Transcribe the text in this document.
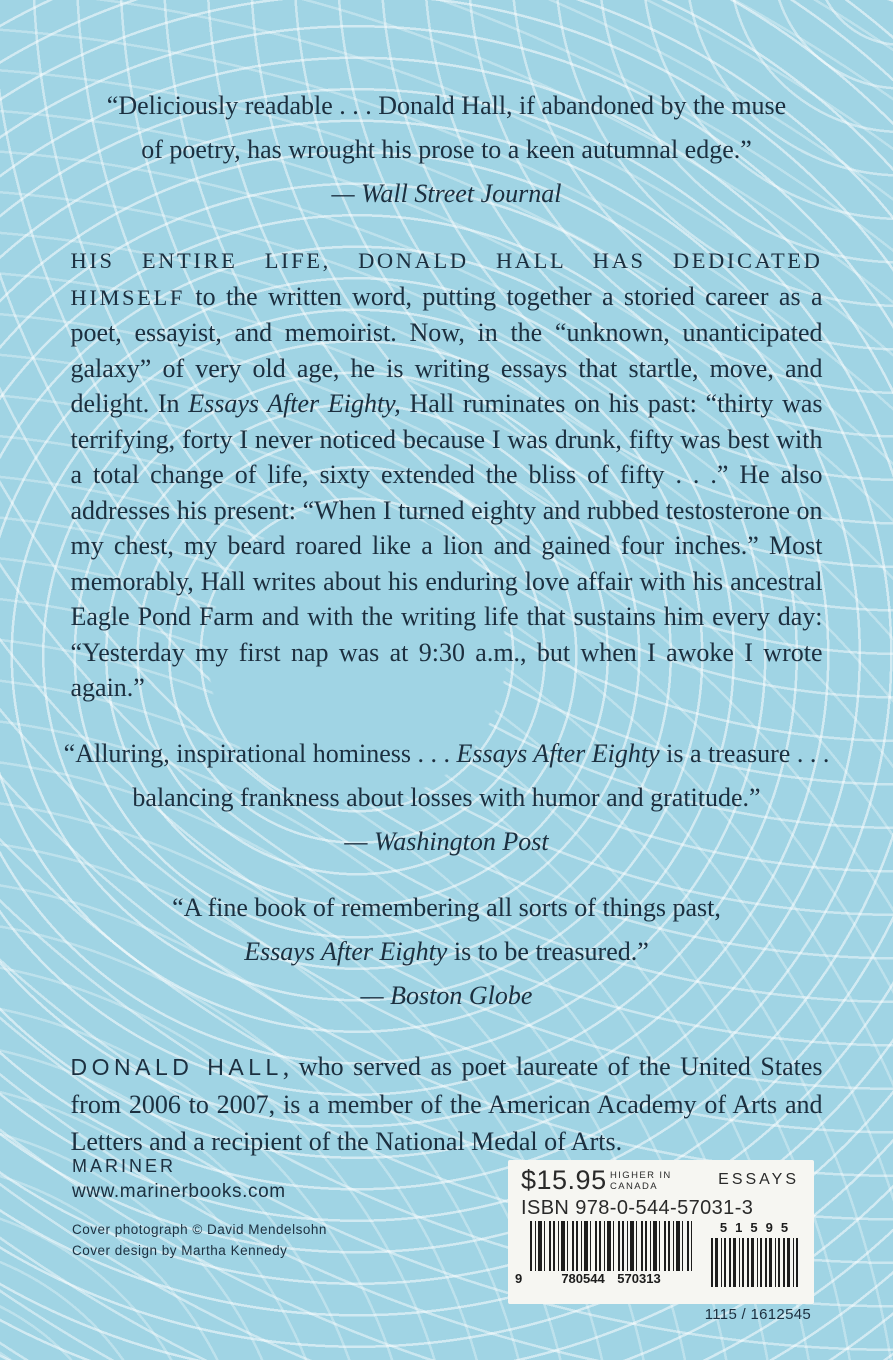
“Deliciously readable . . . Donald Hall, if abandoned by the muse
of poetry, has wrought his prose to a keen autumnal edge.”
— Wall Street Journal
HIS ENTIRE LIFE, DONALD HALL HAS DEDICATED HIMSELF to the written word, putting together a storied career as a poet, essayist, and memoirist. Now, in the “unknown, unanticipated galaxy” of very old age, he is writing essays that startle, move, and delight. In Essays After Eighty, Hall ruminates on his past: “thirty was terrifying, forty I never noticed because I was drunk, fifty was best with a total change of life, sixty extended the bliss of fifty . . .” He also addresses his present: “When I turned eighty and rubbed testosterone on my chest, my beard roared like a lion and gained four inches.” Most memorably, Hall writes about his enduring love affair with his ancestral Eagle Pond Farm and with the writing life that sustains him every day: “Yesterday my first nap was at 9:30 a.m., but when I awoke I wrote again.”
“Alluring, inspirational hominess . . . Essays After Eighty is a treasure . . .
balancing frankness about losses with humor and gratitude.”
— Washington Post
“A fine book of remembering all sorts of things past,
Essays After Eighty is to be treasured.”
— Boston Globe
DONALD HALL, who served as poet laureate of the United States from 2006 to 2007, is a member of the American Academy of Arts and Letters and a recipient of the National Medal of Arts.
MARINER
www.marinerbooks.com
Cover photograph © David Mendelsohn
Cover design by Martha Kennedy
$15.95 HIGHER IN
CANADA	ESSAYS
ISBN 978-0-544-57031-3
9	780544 570313
51595
1115 / 1612545
